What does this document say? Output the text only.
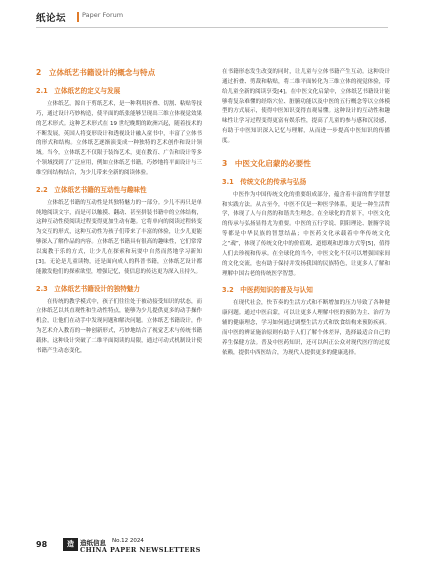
纸论坛 Paper Forum
2　立体纸艺书籍设计的概念与特点
2.1　立体纸艺的定义与发展

立体纸艺，源自于剪纸艺术，是一种利用折叠、切割、粘贴等技巧，通过设计巧妙构造，使平面的纸张能够呈现出三维立体视觉效果的艺术形式。这种艺术形式在 19 世纪晚期的欧洲兴起，随着技术的不断发展，英国人将变形设计和透视设计融入童书中，丰富了立体书的形式和结构。立体纸艺逐渐演变成一种独特的艺术创作和设计领域。当今，立体纸艺不仅限于装饰艺术，更在教育、广告和设计等多个领域找到了广泛应用，例如立体纸艺书籍，巧妙地将平面设计与三维空间结构结合，为少儿带来全新的阅读体验。

2.2　立体纸艺书籍的互动性与趣味性

立体纸艺书籍的互动性是其独特魅力的一部分。少儿不再只是单纯地阅读文字，而是可以触摸、翻动、甚至拼装书籍中的立体结构，这种互动性使阅读过程变得更加生动有趣。它将单向的阅读过程转变为交互的形式，这种互动性为孩子们带来了丰富的体验，让少儿更能够深入了解作品的内容。立体纸艺书籍具有很高的趣味性，它们常常以寓教于乐的方式，让少儿在探索和玩耍中自然而然地学习新知[3]。无论是儿童读物，还是面向成人的科普书籍，立体纸艺设计都能激发他们的探索欲望，增强记忆，使信息的传达更为深入且持久。

2.3　立体纸艺书籍设计的独特魅力

在传统的教学模式中，孩子们往往处于被动接受知识的状态，而立体纸艺以其直观性和生动性特点，能够为少儿提供更多的动手操作机会，让他们在动手中发现问题和解决问题。立体纸艺书籍设计，作为艺术介入教育的一种创新形式，巧妙地结合了视觉艺术与传统书籍载体。这种设计突破了二维平面阅读的局限，通过可动式机制设计使书籍产生动态变化，

在书籍形态发生改变的同时，让儿童与立体书籍产生互动。这种设计通过折叠、剪裁和粘贴，将二维平面转化为三维立体的视觉体验，带给儿童全新的阅读享受[4]。在中医文化启蒙中，立体纸艺书籍设计能够将复杂难懂的经络穴位、脏腑功能以及中医的五行概念等以立体模型的方式展示，使得中医知识变得直观易懂。这种设计的互动性和趣味性让学习过程变得更富有娱乐性，提高了儿童的参与感和沉浸感，有助于中医知识深入记忆与理解，从而进一步提高中医知识的传播度。

3　中医文化启蒙的必要性
3.1　传统文化的传承与弘扬

中医作为中国传统文化的重要组成部分，蕴含着丰富的哲学智慧和实践方法。从古至今，中医不仅是一种医学体系，更是一种生活哲学，体现了人与自然的和谐共生理念。在全球化的背景下，中医文化的传承与弘扬显得尤为重要。中医的五行学说、阴阳理论、脏腑学说等都是中华民族的智慧结晶；中医药文化承载着中华传统文化之“魂”，体现了传统文化中的价值观、道德观和思维方式等[5]，值得人们去珍视和传承。在全球化的当今，中医文化不仅可以增强国家间的文化交流，也有助于保持并发扬我国的民族特色，让更多人了解和理解中国古老的传统医学智慧。

3.2　中医药知识的普及与认知

在现代社会，快节奏的生活方式和不断增加的压力导致了各种健康问题。通过中医启蒙，可以让更多人理解中医的预防为主、治疗为辅的健康理念，学习如何通过调整生活方式和饮食结构来预防疾病。而中医的辨证施治原则有助于人们了解个体差异，选择最适合自己的养生保健方法。普及中医药知识，还可以纠正公众对现代医疗的过度依赖，提供中西医结合，为现代人提供更多的健康选择。

98	造 造纸信息 No.12 2024
CHINA PAPER NEWSLETTERS
